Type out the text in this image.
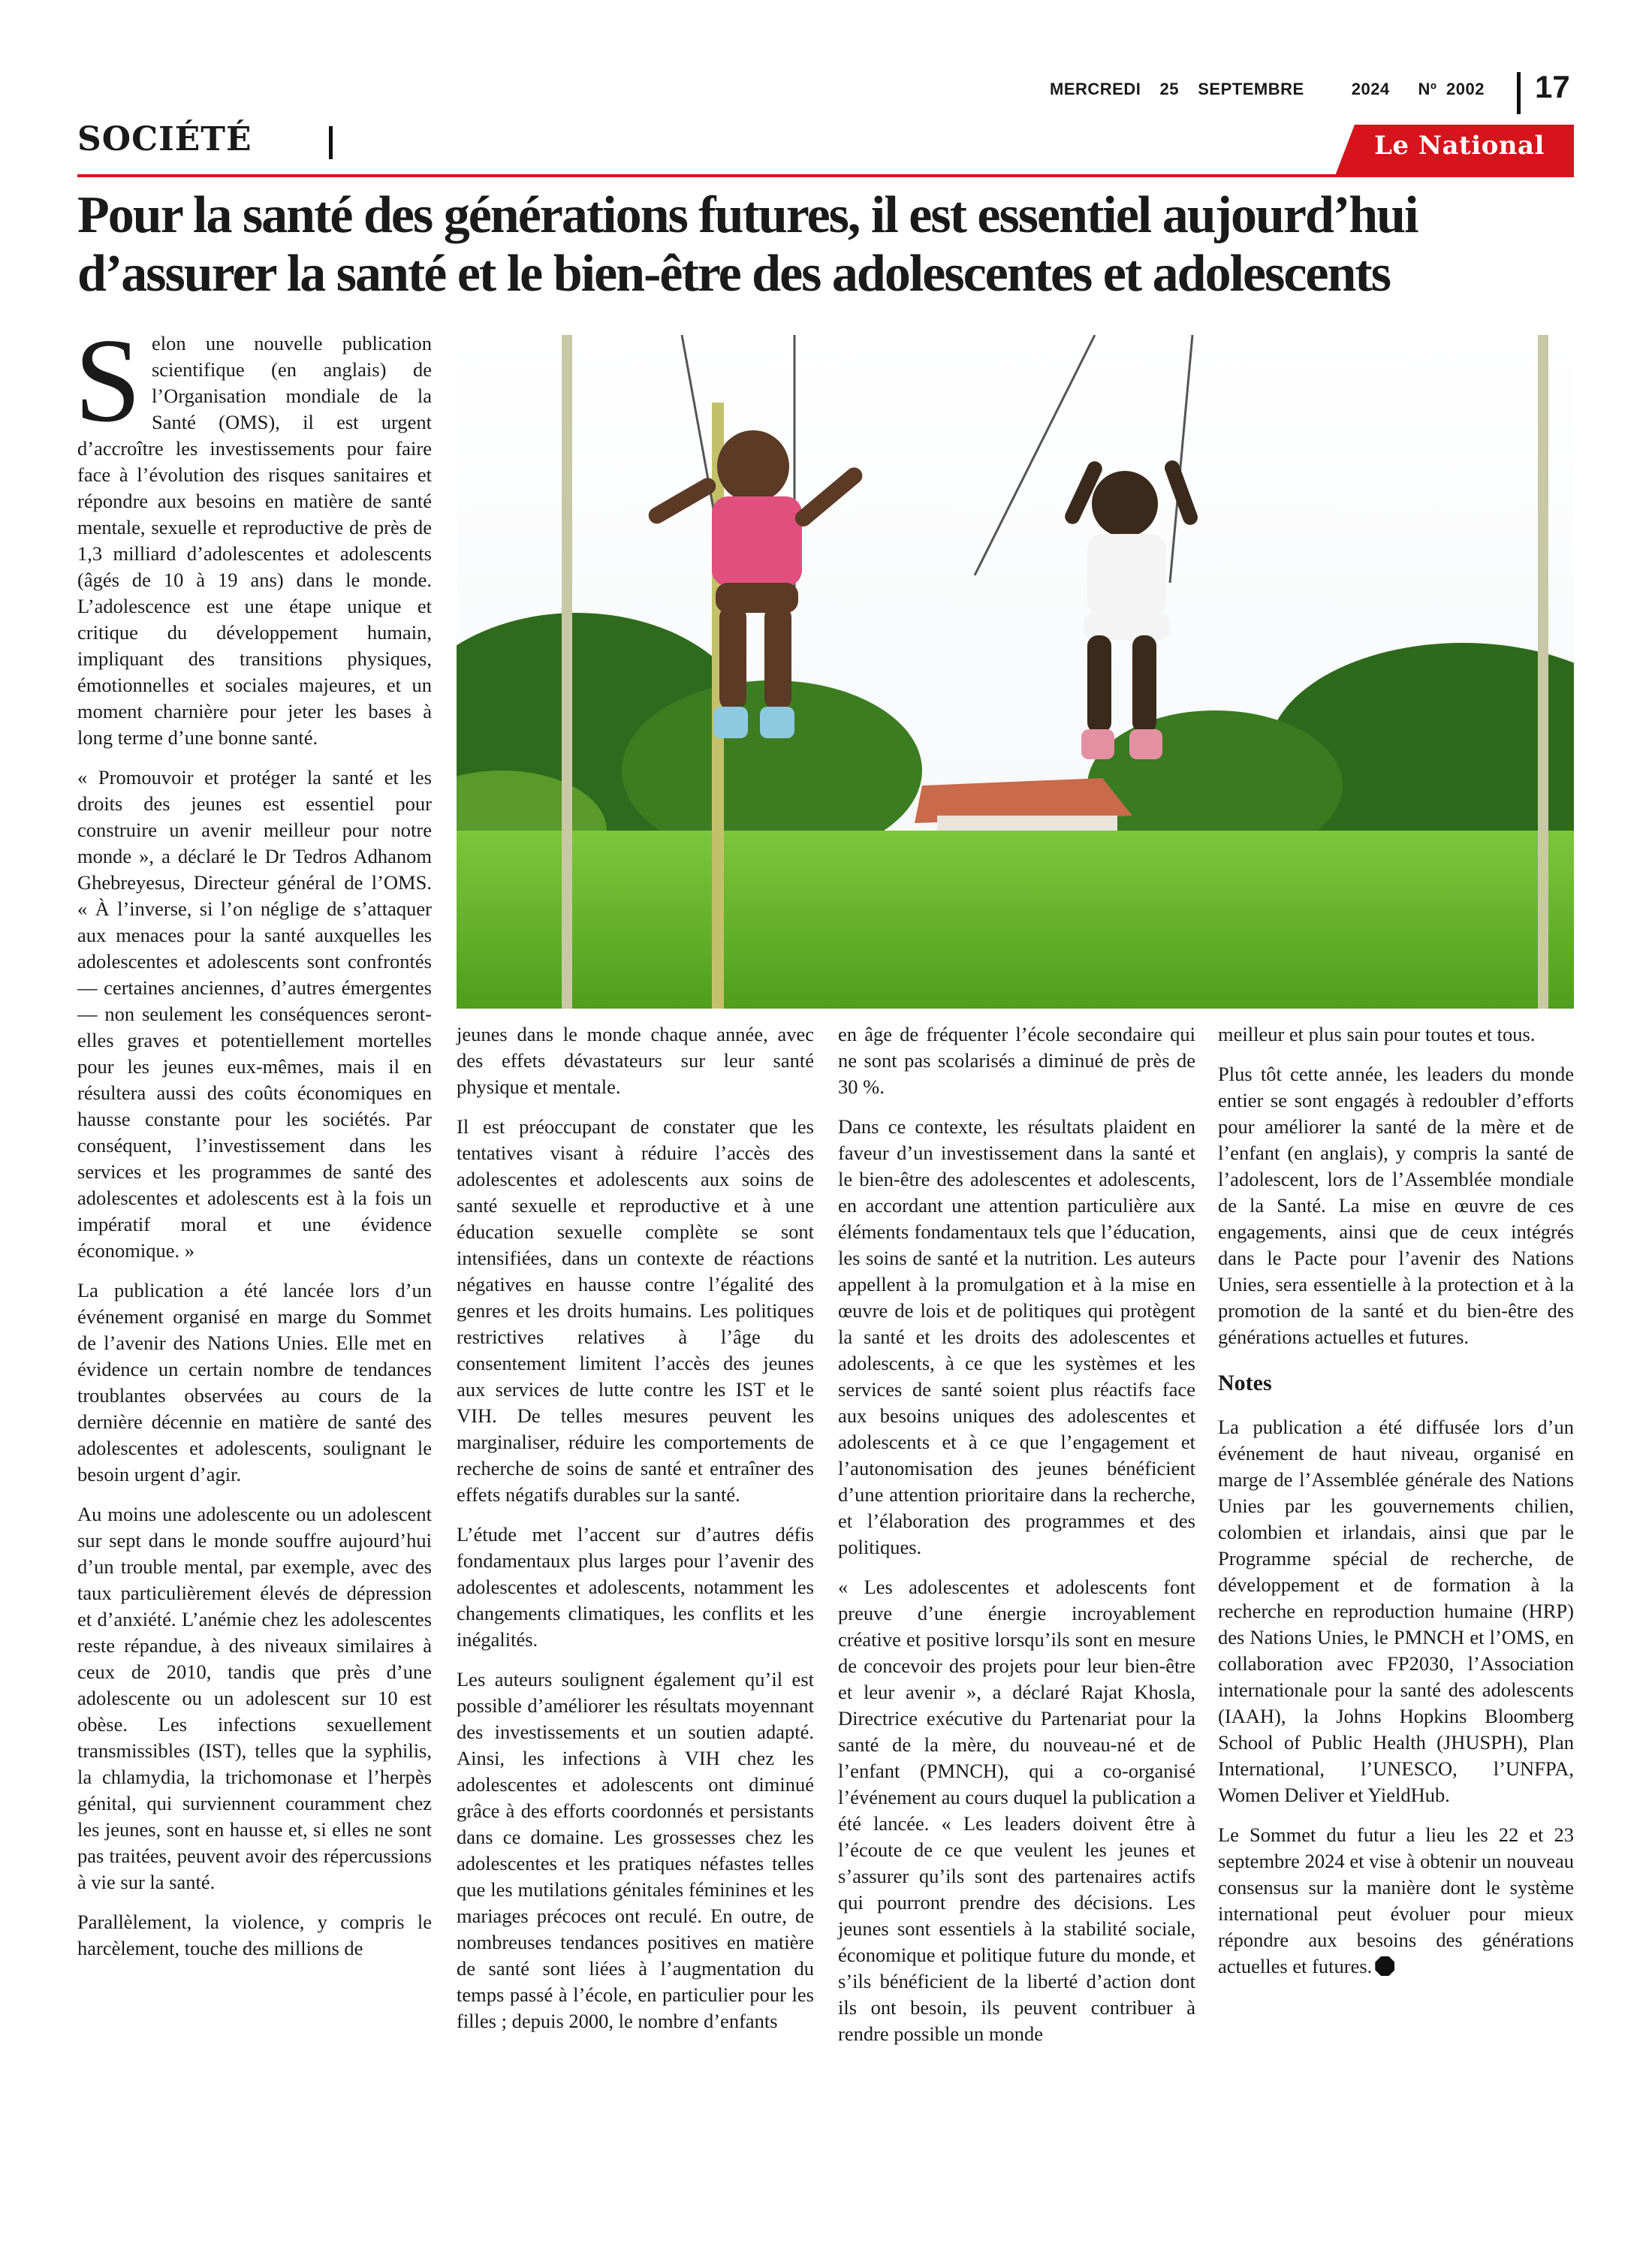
MERCREDI  25  SEPTEMBRE     2024   Nº 2002 17
SOCIÉTÉ	Le National
Pour la santé des générations futures, il est essentiel aujourd’hui
d’assurer la santé et le bien-être des adolescentes et adolescents

Selon une nouvelle publication scientifique (en anglais) de l’Organisation mondiale de la Santé (OMS), il est urgent d’accroître les investissements pour faire face à l’évolution des risques sanitaires et répondre aux besoins en matière de santé mentale, sexuelle et reproductive de près de 1,3 milliard d’adolescentes et adolescents (âgés de 10 à 19 ans) dans le monde. L’adolescence est une étape unique et critique du développement humain, impliquant des transitions physiques, émotionnelles et sociales majeures, et un moment charnière pour jeter les bases à long terme d’une bonne santé.

« Promouvoir et protéger la santé et les droits des jeunes est essentiel pour construire un avenir meilleur pour notre monde », a déclaré le Dr Tedros Adhanom Ghebreyesus, Directeur général de l’OMS. « À l’inverse, si l’on néglige de s’attaquer aux menaces pour la santé auxquelles les adolescentes et adolescents sont confrontés — certaines anciennes, d’autres émergentes — non seulement les conséquences seront-elles graves et potentiellement mortelles pour les jeunes eux-mêmes, mais il en résultera aussi des coûts économiques en hausse constante pour les sociétés. Par conséquent, l’investissement dans les services et les programmes de santé des adolescentes et adolescents est à la fois un impératif moral et une évidence économique. »

La publication a été lancée lors d’un événement organisé en marge du Sommet de l’avenir des Nations Unies. Elle met en évidence un certain nombre de tendances troublantes observées au cours de la dernière décennie en matière de santé des adolescentes et adolescents, soulignant le besoin urgent d’agir.

Au moins une adolescente ou un adolescent sur sept dans le monde souffre aujourd’hui d’un trouble mental, par exemple, avec des taux particulièrement élevés de dépression et d’anxiété. L’anémie chez les adolescentes reste répandue, à des niveaux similaires à ceux de 2010, tandis que près d’une adolescente ou un adolescent sur 10 est obèse. Les infections sexuellement transmissibles (IST), telles que la syphilis, la chlamydia, la trichomonase et l’herpès génital, qui surviennent couramment chez les jeunes, sont en hausse et, si elles ne sont pas traitées, peuvent avoir des répercussions à vie sur la santé.

Parallèlement, la violence, y compris le harcèlement, touche des millions de

jeunes dans le monde chaque année, avec des effets dévastateurs sur leur santé physique et mentale.

Il est préoccupant de constater que les tentatives visant à réduire l’accès des adolescentes et adolescents aux soins de santé sexuelle et reproductive et à une éducation sexuelle complète se sont intensifiées, dans un contexte de réactions négatives en hausse contre l’égalité des genres et les droits humains. Les politiques restrictives relatives à l’âge du consentement limitent l’accès des jeunes aux services de lutte contre les IST et le VIH. De telles mesures peuvent les marginaliser, réduire les comportements de recherche de soins de santé et entraîner des effets négatifs durables sur la santé.

L’étude met l’accent sur d’autres défis fondamentaux plus larges pour l’avenir des adolescentes et adolescents, notamment les changements climatiques, les conflits et les inégalités.

Les auteurs soulignent également qu’il est possible d’améliorer les résultats moyennant des investissements et un soutien adapté. Ainsi, les infections à VIH chez les adolescentes et adolescents ont diminué grâce à des efforts coordonnés et persistants dans ce domaine. Les grossesses chez les adolescentes et les pratiques néfastes telles que les mutilations génitales féminines et les mariages précoces ont reculé. En outre, de nombreuses tendances positives en matière de santé sont liées à l’augmentation du temps passé à l’école, en particulier pour les filles ; depuis 2000, le nombre d’enfants

en âge de fréquenter l’école secondaire qui ne sont pas scolarisés a diminué de près de 30 %.

Dans ce contexte, les résultats plaident en faveur d’un investissement dans la santé et le bien-être des adolescentes et adolescents, en accordant une attention particulière aux éléments fondamentaux tels que l’éducation, les soins de santé et la nutrition. Les auteurs appellent à la promulgation et à la mise en œuvre de lois et de politiques qui protègent la santé et les droits des adolescentes et adolescents, à ce que les systèmes et les services de santé soient plus réactifs face aux besoins uniques des adolescentes et adolescents et à ce que l’engagement et l’autonomisation des jeunes bénéficient d’une attention prioritaire dans la recherche, et l’élaboration des programmes et des politiques.

« Les adolescentes et adolescents font preuve d’une énergie incroyablement créative et positive lorsqu’ils sont en mesure de concevoir des projets pour leur bien-être et leur avenir », a déclaré Rajat Khosla, Directrice exécutive du Partenariat pour la santé de la mère, du nouveau-né et de l’enfant (PMNCH), qui a co-organisé l’événement au cours duquel la publication a été lancée. « Les leaders doivent être à l’écoute de ce que veulent les jeunes et s’assurer qu’ils sont des partenaires actifs qui pourront prendre des décisions. Les jeunes sont essentiels à la stabilité sociale, économique et politique future du monde, et s’ils bénéficient de la liberté d’action dont ils ont besoin, ils peuvent contribuer à rendre possible un monde

meilleur et plus sain pour toutes et tous.

Plus tôt cette année, les leaders du monde entier se sont engagés à redoubler d’efforts pour améliorer la santé de la mère et de l’enfant (en anglais), y compris la santé de l’adolescent, lors de l’Assemblée mondiale de la Santé. La mise en œuvre de ces engagements, ainsi que de ceux intégrés dans le Pacte pour l’avenir des Nations Unies, sera essentielle à la protection et à la promotion de la santé et du bien-être des générations actuelles et futures.

Notes

La publication a été diffusée lors d’un événement de haut niveau, organisé en marge de l’Assemblée générale des Nations Unies par les gouvernements chilien, colombien et irlandais, ainsi que par le Programme spécial de recherche, de développement et de formation à la recherche en reproduction humaine (HRP) des Nations Unies, le PMNCH et l’OMS, en collaboration avec FP2030, l’Association internationale pour la santé des adolescents (IAAH), la Johns Hopkins Bloomberg School of Public Health (JHUSPH), Plan International, l’UNESCO, l’UNFPA, Women Deliver et YieldHub.

Le Sommet du futur a lieu les 22 et 23 septembre 2024 et vise à obtenir un nouveau consensus sur la manière dont le système international peut évoluer pour mieux répondre aux besoins des générations actuelles et futures.
